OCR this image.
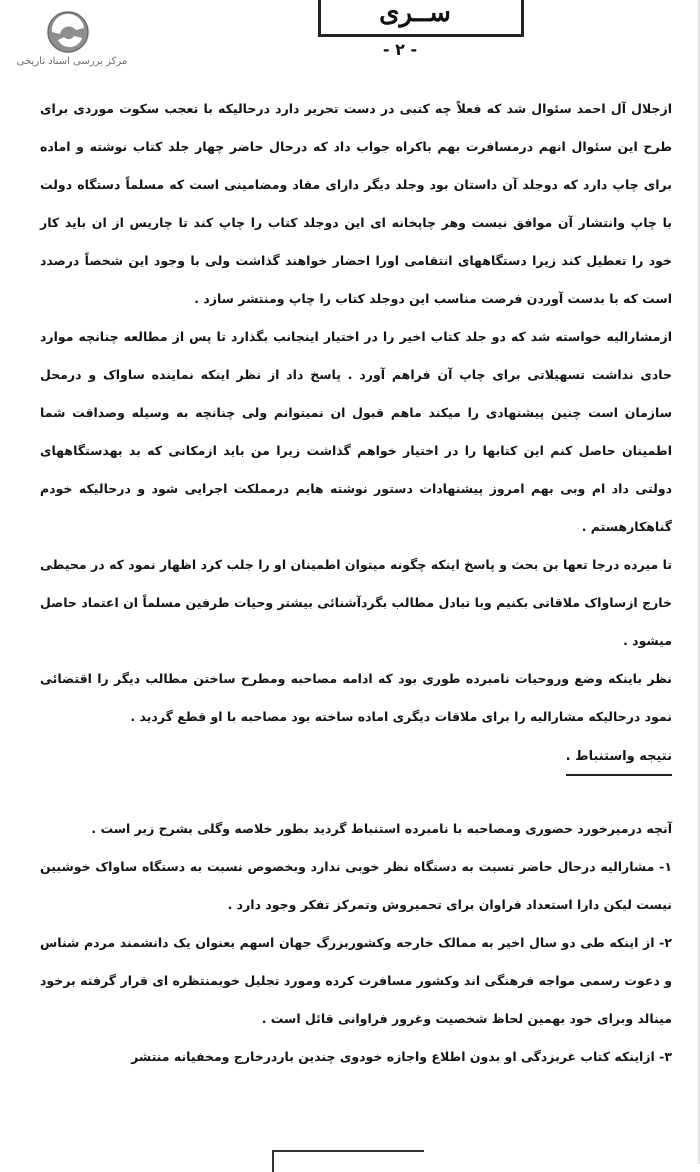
مرکز بررسی اسناد تاریخی
ســری
- ۲ -

ازجلال آل احمد سئوال شد که فعلاً چه کتبی در دست تحریر دارد درحالیکه با تعجب سکوت موردی برای طرح این سئوال انهم درمسافرت بهم باکراه جواب داد که درحال حاضر چهار جلد کتاب نوشته و اماده برای چاپ دارد که دوجلد آن داستان بود وجلد دیگر دارای مقاد ومضامینی است که مسلماً دستگاه دولت با چاپ وانتشار آن موافق نیست وهر چاپخانه ای این دوجلد کتاب را چاپ کند تا چاریس از ان باید کار خود را تعطیل کند زیرا دستگاههای انتقامی اورا احضار خواهند گذاشت ولی با وجود این شخصاً درصدد است که با بدست آوردن فرصت مناسب این دوجلد کتاب را چاپ ومنتشر سازد .

ازمشارالیه خواسته شد که دو جلد کتاب اخیر را در اختیار اینجانب بگذارد تا پس از مطالعه چنانچه موارد حادی نداشت تسهیلاتی برای چاپ آن فراهم آورد . پاسخ داد از نظر اینکه نماینده ساواک و درمحل سازمان است چنین پیشنهادی را میکند ماهم قبول ان نمیتوانم ولی چنانچه به وسیله وصداقت شما اطمینان حاصل کنم این کتابها را در اختیار خواهم گذاشت زیرا من باید ازمکانی که بد بهدستگاههای دولتی داد ام وبی بهم امروز پیشنهادات دستور نوشته هایم درمملکت اجرایی شود و درحالیکه خودم گناهکارهستم .

تا میرده درجا تعها بن بحث و پاسخ اینکه چگونه میتوان اطمینان او را جلب کرد اظهار نمود که در محیطی خارج ازساواک ملاقاتی بکنیم وبا تبادل مطالب بگردآشنائی بیشتر وحیات طرفین مسلماً ان اعتماد حاصل میشود .

نظر باینکه وضع وروحیات نامبرده طوری بود که ادامه مصاحبه ومطرح ساختن مطالب دیگر را اقتضائی نمود درحالیکه مشارالیه را برای ملاقات دیگری اماده ساخته بود مصاحبه با او قطع گردید .

نتیجه واستنباط .

آنچه درمیرخورد حضوری ومصاحبه با نامبرده استنباط گردید بطور خلاصه وگلی بشرح زیر است .

۱- مشارالیه درحال حاضر نسبت به دستگاه نظر خوبی ندارد وبخصوص نسبت به دستگاه ساواک خوشبین نیست لیکن دارا استعداد فراوان برای تحمیروش وتمرکز تفکر وجود دارد .

۲- از اینکه طی دو سال اخیر به ممالک خارجه وکشوربزرگ جهان اسهم بعنوان یک دانشمند مردم شناس و دعوت رسمی مواجه فرهنگی اند وکشور مسافرت کرده ومورد تجلیل خوبمنتظره ای قرار گرفته برخود مینالد وبرای خود بهمین لحاظ شخصیت وغرور فراوانی قائل است .

۳- ازاینکه کتاب غربزدگی او بدون اطلاع واجازه خودوی چندین باردرخارج ومخفیانه منتشر
